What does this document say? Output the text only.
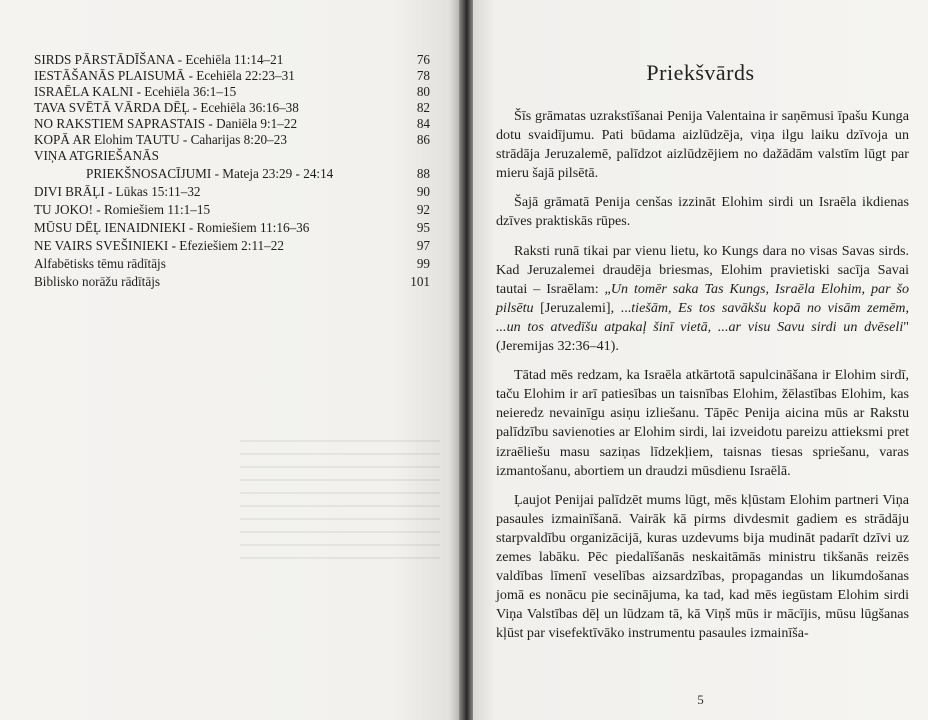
SIRDS PĀRSTĀDĪŠANA - Ecehiēla 11:14–21	76
IESTĀŠANĀS PLAISUMĀ - Ecehiēla 22:23–31	78
ISRAĒLA KALNI - Ecehiēla 36:1–15	80
TAVA SVĒTĀ VĀRDA DĒĻ - Ecehiēla 36:16–38	82
NO RAKSTIEM SAPRASTAIS - Daniēla 9:1–22	84
KOPĀ AR Elohim TAUTU - Caharijas 8:20–23	86
VIŅA ATGRIEŠANĀS
PRIEKŠNOSACĪJUMI - Mateja 23:29 - 24:14	88
DIVI BRĀĻI - Lūkas 15:11–32	90
TU JOKO! - Romiešiem 11:1–15	92
MŪSU DĒĻ IENAIDNIEKI - Romiešiem 11:16–36	95
NE VAIRS SVEŠINIEKI - Efeziešiem 2:11–22	97
Alfabētisks tēmu rādītājs	99
Biblisko norāžu rādītājs	101
Priekšvārds

Šīs grāmatas uzrakstīšanai Penija Valentaina ir saņēmusi īpašu Kunga dotu svaidījumu. Pati būdama aizlūdzēja, viņa ilgu laiku dzīvoja un strādāja Jeruzalemē, palīdzot aizlūdzējiem no dažādām valstīm lūgt par mieru šajā pilsētā.

Šajā grāmatā Penija cenšas izzināt Elohim sirdi un Israēla ikdienas dzīves praktiskās rūpes.

Raksti runā tikai par vienu lietu, ko Kungs dara no visas Savas sirds. Kad Jeruzalemei draudēja briesmas, Elohim pravietiski sacīja Savai tautai – Israēlam: „Un tomēr saka Tas Kungs, Israēla Elohim, par šo pilsētu [Jeruzalemi], ...tiešām, Es tos savākšu kopā no visām zemēm, ...un tos atvedīšu atpakaļ šinī vietā, ...ar visu Savu sirdi un dvēseli" (Jeremijas 32:36–41).

Tātad mēs redzam, ka Israēla atkārtotā sapulcināšana ir Elohim sirdī, taču Elohim ir arī patiesības un taisnības Elohim, žēlastības Elohim, kas neieredz nevainīgu asiņu izliešanu. Tāpēc Penija aicina mūs ar Rakstu palīdzību savienoties ar Elohim sirdi, lai izveidotu pareizu attieksmi pret izraēliešu masu saziņas līdzekļiem, taisnas tiesas spriešanu, varas izmantošanu, abortiem un draudzi mūsdienu Israēlā.

Ļaujot Penijai palīdzēt mums lūgt, mēs kļūstam Elohim partneri Viņa pasaules izmainīšanā. Vairāk kā pirms divdesmit gadiem es strādāju starpvaldību organizācijā, kuras uzdevums bija mudināt padarīt dzīvi uz zemes labāku. Pēc piedalīšanās neskaitāmās ministru tikšanās reizēs valdības līmenī veselības aizsardzības, propagandas un likumdošanas jomā es nonācu pie secinājuma, ka tad, kad mēs iegūstam Elohim sirdi Viņa Valstības dēļ un lūdzam tā, kā Viņš mūs ir mācījis, mūsu lūgšanas kļūst par visefektīvāko instrumentu pasaules izmainīša-

5
